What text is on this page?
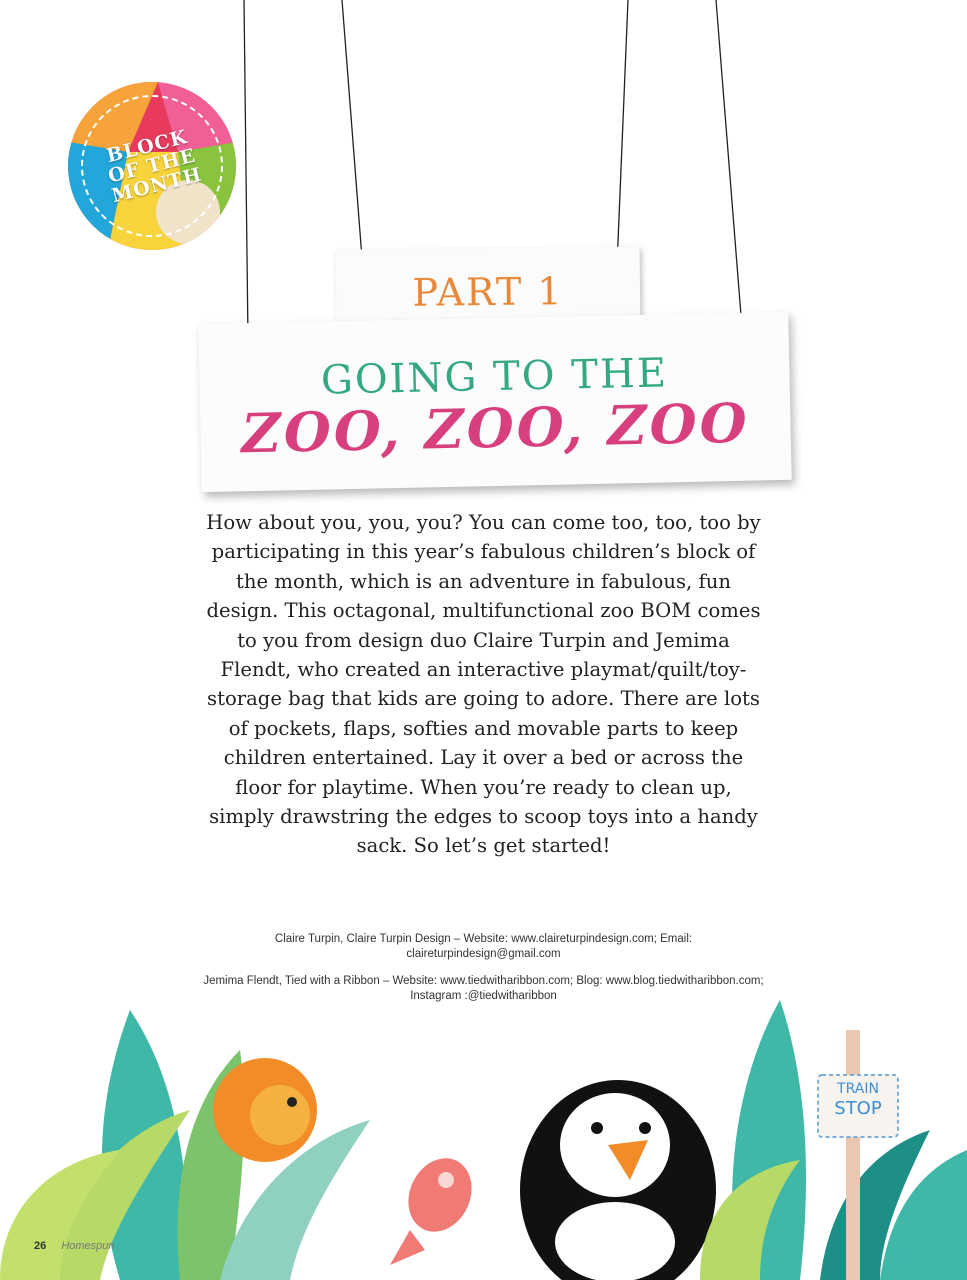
BLOCK
OF THE
MONTH
PART 1
GOING TO THE
ZOO, ZOO, ZOO
How about you, you, you? You can come too, too, too by participating in this year’s fabulous children’s block of the month, which is an adventure in fabulous, fun design. This octagonal, multifunctional zoo BOM comes to you from design duo Claire Turpin and Jemima Flendt, who created an interactive playmat/quilt/toy-storage bag that kids are going to adore. There are lots of pockets, flaps, softies and movable parts to keep children entertained. Lay it over a bed or across the floor for playtime. When you’re ready to clean up, simply drawstring the edges to scoop toys into a handy sack. So let’s get started!

Claire Turpin, Claire Turpin Design – Website: www.claireturpindesign.com; Email: claireturpindesign@gmail.com

Jemima Flendt, Tied with a Ribbon – Website: www.tiedwitharibbon.com; Blog: www.blog.tiedwitharibbon.com; Instagram :@tiedwitharibbon

TRAIN
STOP
26 Homespun
